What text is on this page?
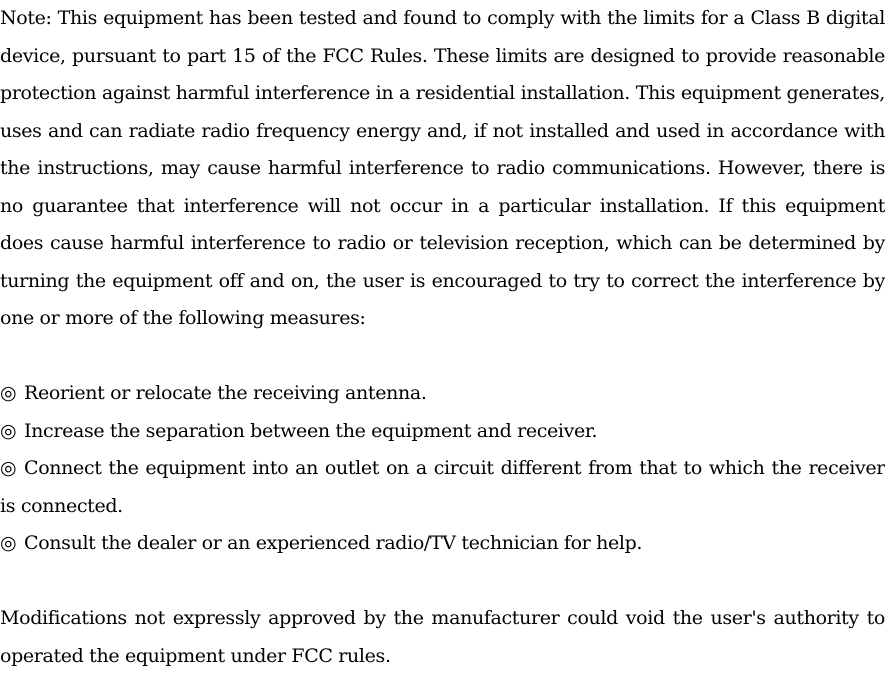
Note: This equipment has been tested and found to comply with the limits for a Class B digital device, pursuant to part 15 of the FCC Rules. These limits are designed to provide reasonable protection against harmful interference in a residential installation. This equipment generates, uses and can radiate radio frequency energy and, if not installed and used in accordance with the instructions, may cause harmful interference to radio communications. However, there is no guarantee that interference will not occur in a particular installation. If this equipment does cause harmful interference to radio or television reception, which can be determined by turning the equipment off and on, the user is encouraged to try to correct the interference by one or more of the following measures:

◎ Reorient or relocate the receiving antenna.

◎ Increase the separation between the equipment and receiver.

◎ Connect the equipment into an outlet on a circuit different from that to which the receiver is connected.

◎ Consult the dealer or an experienced radio/TV technician for help.

Modifications not expressly approved by the manufacturer could void the user's authority to operated the equipment under FCC rules.
